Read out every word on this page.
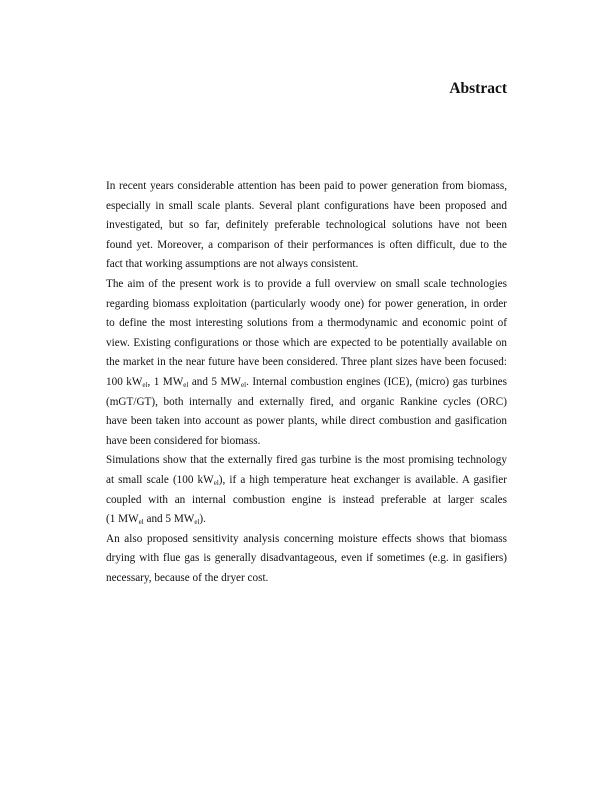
Abstract
In recent years considerable attention has been paid to power generation from biomass,
especially in small scale plants. Several plant configurations have been proposed and
investigated, but so far, definitely preferable technological solutions have not been
found yet. Moreover, a comparison of their performances is often difficult, due to the
fact that working assumptions are not always consistent.
The aim of the present work is to provide a full overview on small scale technologies
regarding biomass exploitation (particularly woody one) for power generation, in order
to define the most interesting solutions from a thermodynamic and economic point of
view. Existing configurations or those which are expected to be potentially available on
the market in the near future have been considered. Three plant sizes have been focused:
100 $kW_{el}$, 1 $MW_{el}$ and 5 $MW_{el}$. Internal combustion engines (ICE), (micro) gas turbines
(mGT/GT), both internally and externally fired, and organic Rankine cycles (ORC)
have been taken into account as power plants, while direct combustion and gasification
have been considered for biomass.
Simulations show that the externally fired gas turbine is the most promising technology
at small scale (100 $kW_{el}$), if a high temperature heat exchanger is available. A gasifier
coupled with an internal combustion engine is instead preferable at larger scales
(1 $MW_{el}$ and 5 $MW_{el}$).
An also proposed sensitivity analysis concerning moisture effects shows that biomass
drying with flue gas is generally disadvantageous, even if sometimes (e.g. in gasifiers)
necessary, because of the dryer cost.
